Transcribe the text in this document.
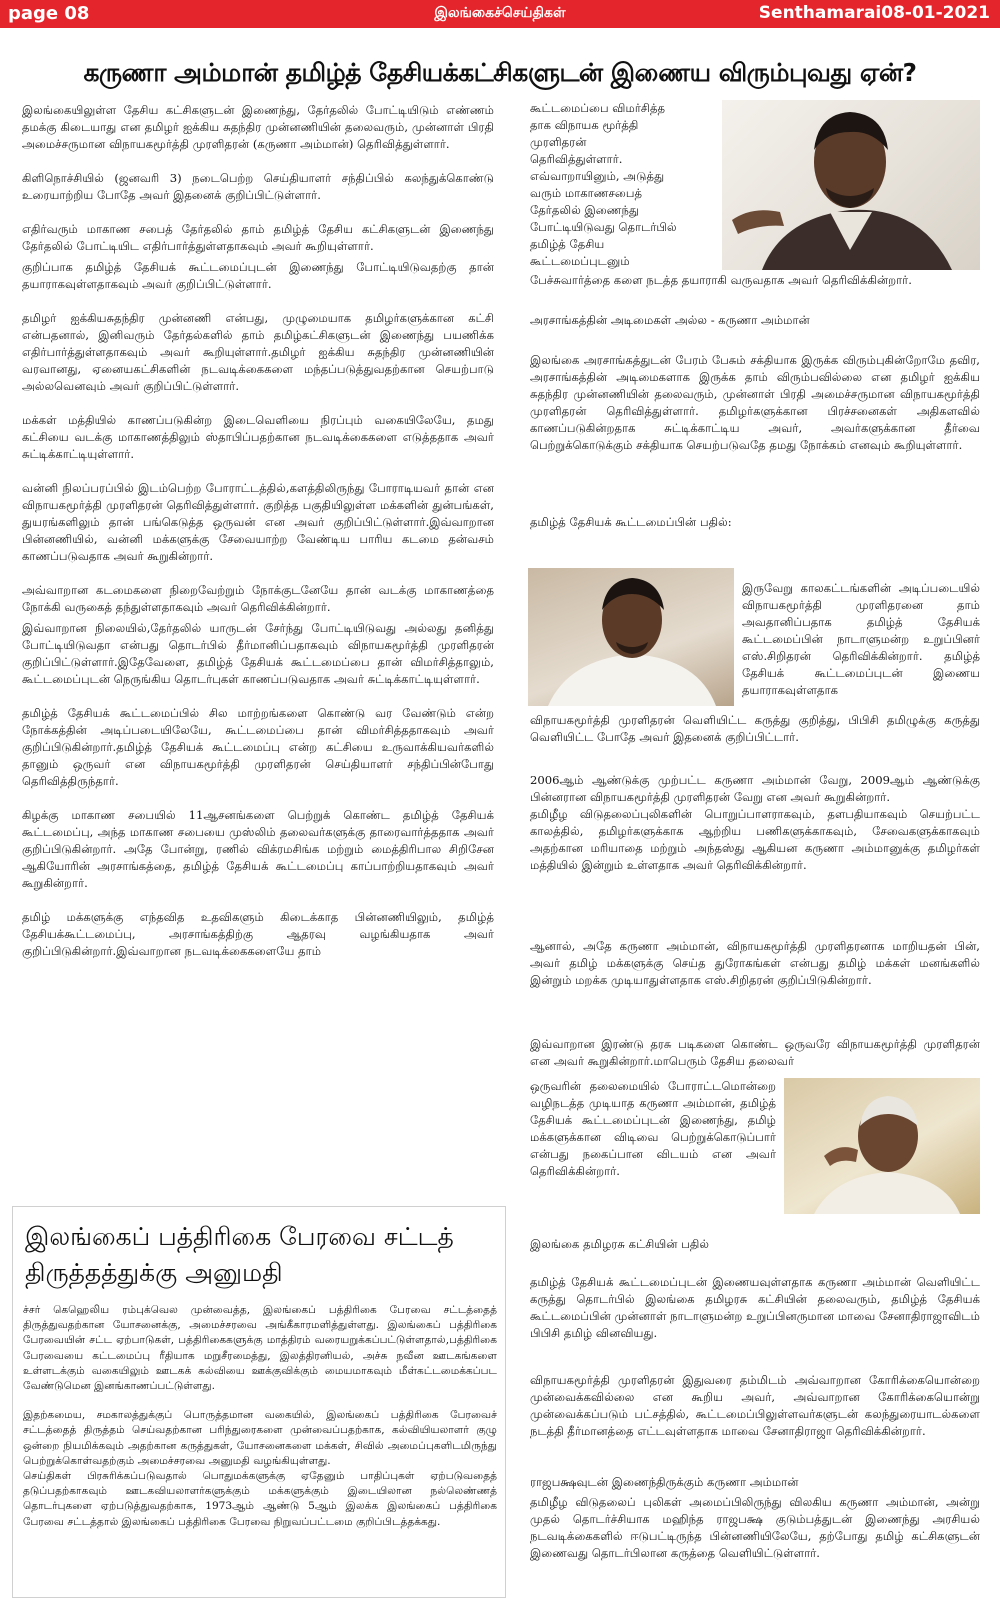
page 08	இலங்கைச்செய்திகள்	Senthamarai08-01-2021
கருணா அம்மான் தமிழ்த் தேசியக்கட்சிகளுடன் இணைய விரும்புவது ஏன்?

இலங்கையிலுள்ள தேசிய கட்சிகளுடன் இணைந்து, தேர்தலில் போட்டியிடும் எண்ணம் தமக்கு கிடையாது என தமிழர் ஐக்கிய சுதந்திர முன்னணியின் தலைவரும், முன்னாள் பிரதி அமைச்சருமான விநாயகமூர்த்தி முரளிதரன் (கருணா அம்மான்) தெரிவித்துள்ளார்.

கிளிநொச்சியில் (ஜனவரி 3) நடைபெற்ற செய்தியாளர் சந்திப்பில் கலந்துக்கொண்டு உரையாற்றிய போதே அவர் இதனைக் குறிப்பிட்டுள்ளார்.

எதிர்வரும் மாகாண சபைத் தேர்தலில் தாம் தமிழ்த் தேசிய கட்சிகளுடன் இணைந்து தேர்தலில் போட்டியிட எதிர்பார்த்துள்ளதாகவும் அவர் கூறியுள்ளார்.

குறிப்பாக தமிழ்த் தேசியக் கூட்டமைப்புடன் இணைந்து போட்டியிடுவதற்கு தான் தயாராகவுள்ளதாகவும் அவர் குறிப்பிட்டுள்ளார்.

தமிழர் ஐக்கியசுதந்திர முன்னணி என்பது, முழுமையாக தமிழர்களுக்கான கட்சி என்பதனால், இனிவரும் தேர்தல்களில் தாம் தமிழ்கட்சிகளுடன் இணைந்து பயணிக்க எதிர்பார்த்துள்ளதாகவும் அவர் கூறியுள்ளார்.தமிழர் ஐக்கிய சுதந்திர முன்னணியின் வரவானது, ஏனையகட்சிகளின் நடவடிக்கைகளை மந்தப்படுத்துவதற்கான செயற்பாடு அல்லவெனவும் அவர் குறிப்பிட்டுள்ளார்.

மக்கள் மத்தியில் காணப்படுகின்ற இடைவெளியை நிரப்பும் வகையிலேயே, தமது கட்சியை வடக்கு மாகாணத்திலும் ஸ்தாபிப்பதற்கான நடவடிக்கைகளை எடுத்ததாக அவர் சுட்டிக்காட்டியுள்ளார்.

வன்னி நிலப்பரப்பில் இடம்பெற்ற போராட்டத்தில்,களத்திலிருந்து போராடியவர் தான் என விநாயகமூர்த்தி முரளிதரன் தெரிவித்துள்ளார். குறித்த பகுதியிலுள்ள மக்களின் துன்பங்கள், துயரங்களிலும் தான் பங்கெடுத்த ஒருவன் என அவர் குறிப்பிட்டுள்ளார்.இவ்வாறான பின்னணியில், வன்னி மக்களுக்கு சேவையாற்ற வேண்டிய பாரிய கடமை தன்வசம் காணப்படுவதாக அவர் கூறுகின்றார்.

அவ்வாறான கடமைகளை நிறைவேற்றும் நோக்குடனேயே தான் வடக்கு மாகாணத்தை நோக்கி வருகைத் தந்துள்ளதாகவும் அவர் தெரிவிக்கின்றார்.

இவ்வாறான நிலையில்,தேர்தலில் யாருடன் சேர்ந்து போட்டியிடுவது அல்லது தனித்து போட்டியிடுவதா என்பது தொடர்பில் தீர்மானிப்பதாகவும் விநாயகமூர்த்தி முரளிதரன் குறிப்பிட்டுள்ளார்.இதேவேளை, தமிழ்த் தேசியக் கூட்டமைப்பை தான் விமர்சித்தாலும், கூட்டமைப்புடன் நெருங்கிய தொடர்புகள் காணப்படுவதாக அவர் சுட்டிக்காட்டியுள்ளார்.

தமிழ்த் தேசியக் கூட்டமைப்பில் சில மாற்றங்களை கொண்டு வர வேண்டும் என்ற நோக்கத்தின் அடிப்படையிலேயே, கூட்டமைப்பை தான் விமர்சித்ததாகவும் அவர் குறிப்பிடுகின்றார்.தமிழ்த் தேசியக் கூட்டமைப்பு என்ற கட்சியை உருவாக்கியவர்களில் தானும் ஒருவர் என விநாயகமூர்த்தி முரளிதரன் செய்தியாளர் சந்திப்பின்போது தெரிவித்திருந்தார்.

கிழக்கு மாகாண சபையில் 11ஆசனங்களை பெற்றுக் கொண்ட தமிழ்த் தேசியக் கூட்டமைப்பு, அந்த மாகாண சபையை முஸ்லிம் தலைவர்களுக்கு தாரைவார்த்ததாக அவர் குறிப்பிடுகின்றார். அதே போன்று, ரணில் விக்ரமசிங்க மற்றும் மைத்திரிபால சிறிசேன ஆகியோரின் அரசாங்கத்தை, தமிழ்த் தேசியக் கூட்டமைப்பு காப்பாற்றியதாகவும் அவர் கூறுகின்றார்.

தமிழ் மக்களுக்கு எந்தவித உதவிகளும் கிடைக்காத பின்னணியிலும், தமிழ்த் தேசியக்கூட்டமைப்பு, அரசாங்கத்திற்கு ஆதரவு வழங்கியதாக அவர் குறிப்பிடுகின்றார்.இவ்வாறான நடவடிக்கைகளையே தாம்

கூட்டமைப்பை விமர்சித்த

தாக விநாயக மூர்த்தி

முரளிதரன்

தெரிவித்துள்ளார்.

எவ்வாறாயினும், அடுத்து

வரும் மாகாணசபைத்

தேர்தலில் இணைந்து

போட்டியிடுவது தொடர்பில்

தமிழ்த் தேசிய

கூட்டமைப்புடனும்

பேச்சுவார்த்தை களை நடத்த தயாராகி வருவதாக அவர் தெரிவிக்கின்றார்.

அரசாங்கத்தின் அடிமைகள் அல்ல - கருணா அம்மான்

இலங்கை அரசாங்கத்துடன் பேரம் பேசும் சக்தியாக இருக்க விரும்புகின்றோமே தவிர, அரசாங்கத்தின் அடிமைகளாக இருக்க தாம் விரும்பவில்லை என தமிழர் ஐக்கிய சுதந்திர முன்னணியின் தலைவரும், முன்னாள் பிரதி அமைச்சருமான விநாயகமூர்த்தி முரளிதரன் தெரிவித்துள்ளார். தமிழர்களுக்கான பிரச்சனைகள் அதிகளவில் காணப்படுகின்றதாக சுட்டிக்காட்டிய அவர், அவர்களுக்கான தீர்வை பெற்றுக்கொடுக்கும் சக்தியாக செயற்படுவதே தமது நோக்கம் எனவும் கூறியுள்ளார்.

தமிழ்த் தேசியக் கூட்டமைப்பின் பதில்:

இருவேறு காலகட்டங்களின் அடிப்படையில் விநாயகமூர்த்தி முரளிதரனை தாம் அவதானிப்பதாக தமிழ்த் தேசியக் கூட்டமைப்பின் நாடாளுமன்ற உறுப்பினர் எஸ்.சிறிதரன் தெரிவிக்கின்றார். தமிழ்த் தேசியக் கூட்டமைப்புடன் இணைய தயாராகவுள்ளதாக

விநாயகமூர்த்தி முரளிதரன் வெளியிட்ட கருத்து குறித்து, பிபிசி தமிழுக்கு கருத்து வெளியிட்ட போதே அவர் இதனைக் குறிப்பிட்டார்.

2006ஆம் ஆண்டுக்கு முற்பட்ட கருணா அம்மான் வேறு, 2009ஆம் ஆண்டுக்கு பின்னரான விநாயகமூர்த்தி முரளிதரன் வேறு என அவர் கூறுகின்றார்.

தமிழீழ விடுதலைப்புலிகளின் பொறுப்பாளராகவும், தளபதியாகவும் செயற்பட்ட காலத்தில், தமிழர்களுக்காக ஆற்றிய பணிகளுக்காகவும், சேவைகளுக்காகவும் அதற்கான மரியாதை மற்றும் அந்தஸ்து ஆகியன கருணா அம்மானுக்கு தமிழர்கள் மத்தியில் இன்றும் உள்ளதாக அவர் தெரிவிக்கின்றார்.

ஆனால், அதே கருணா அம்மான், விநாயகமூர்த்தி முரளிதரனாக மாறியதன் பின், அவர் தமிழ் மக்களுக்கு செய்த துரோகங்கள் என்பது தமிழ் மக்கள் மனங்களில் இன்றும் மறக்க முடியாதுள்ளதாக எஸ்.சிறிதரன் குறிப்பிடுகின்றார்.

இவ்வாறான இரண்டு தரசு படிகளை கொண்ட ஒருவரே விநாயகமூர்த்தி முரளிதரன் என அவர் கூறுகின்றார்.மாபெரும் தேசிய தலைவர்

ஒருவரின் தலைமையில் போராட்டமொன்றை வழிநடத்த முடியாத கருணா அம்மான், தமிழ்த் தேசியக் கூட்டமைப்புடன் இணைந்து, தமிழ் மக்களுக்கான விடிவை பெற்றுக்கொடுப்பார் என்பது நகைப்பான விடயம் என அவர் தெரிவிக்கின்றார்.

இலங்கை தமிழரசு கட்சியின் பதில்

தமிழ்த் தேசியக் கூட்டமைப்புடன் இணையவுள்ளதாக கருணா அம்மான் வெளியிட்ட கருத்து தொடர்பில் இலங்கை தமிழரசு கட்சியின் தலைவரும், தமிழ்த் தேசியக் கூட்டமைப்பின் முன்னாள் நாடாளுமன்ற உறுப்பினருமான மாவை சேனாதிராஜாவிடம் பிபிசி தமிழ் வினவியது.

விநாயகமூர்த்தி முரளிதரன் இதுவரை தம்மிடம் அவ்வாறான கோரிக்கையொன்றை முன்வைக்கவில்லை என கூறிய அவர், அவ்வாறான கோரிக்கையொன்று முன்வைக்கப்படும் பட்சத்தில், கூட்டமைப்பிலுள்ளவர்களுடன் கலந்துரையாடல்களை நடத்தி தீர்மானத்தை எட்டவுள்ளதாக மாவை சேனாதிராஜா தெரிவிக்கின்றார்.

ராஜபக்ஷவுடன் இணைந்திருக்கும் கருணா அம்மான்

தமிழீழ விடுதலைப் புலிகள் அமைப்பிலிருந்து விலகிய கருணா அம்மான், அன்று முதல் தொடர்ச்சியாக மஹிந்த ராஜபக்ஷ குடும்பத்துடன் இணைந்து அரசியல் நடவடிக்கைகளில் ஈடுபட்டிருந்த பின்னணியிலேயே, தற்போது தமிழ் கட்சிகளுடன் இணைவது தொடர்பிலான கருத்தை வெளியிட்டுள்ளார்.

இலங்கைப் பத்திரிகை பேரவை சட்டத் திருத்தத்துக்கு அனுமதி

ச்சர் கெஹெலிய ரம்புக்வெல முன்வைத்த, இலங்கைப் பத்திரிகை பேரவை சட்டத்தைத் திருத்துவதற்கான யோசனைக்கு, அமைச்சரவை அங்கீகாரமளித்துள்ளது. இலங்கைப் பத்திரிகை பேரவையின் சட்ட ஏற்பாடுகள், பத்திரிகைகளுக்கு மாத்திரம் வரையறுக்கப்பட்டுள்ளதால்,பத்திரிகை பேரவையை கட்டமைப்பு ரீதியாக மறுசீரமைத்து, இலத்திரனியல், அச்சு நவீன ஊடகங்களை உள்ளடக்கும் வகையிலும் ஊடகக் கல்வியை ஊக்குவிக்கும் மையமாகவும் மீள்கட்டமைக்கப்பட வேண்டுமென இனங்காணப்பட்டுள்ளது.

இதற்கமைய, சமகாலத்துக்குப் பொருத்தமான வகையில், இலங்கைப் பத்திரிகை பேரவைச் சட்டத்தைத் திருத்தம் செய்வதற்கான பரிந்துரைகளை முன்வைப்பதற்காக, கல்வியியலாளர் குழு ஒன்றை நியமிக்கவும் அதற்கான கருத்துகள், யோசனைகளை மக்கள், சிவில் அமைப்புகளிடமிருந்து பெற்றுக்கொள்வதற்கும் அமைச்சரவை அனுமதி வழங்கியுள்ளது.

செய்திகள் பிரசுரிக்கப்படுவதால் பொதுமக்களுக்கு ஏதேனும் பாதிப்புகள் ஏற்படுவதைத் தடுப்பதற்காகவும் ஊடகவியலாளர்களுக்கும் மக்களுக்கும் இடையிலான நல்லெண்ணத் தொடர்புகளை ஏற்படுத்துவதற்காக, 1973ஆம் ஆண்டு 5ஆம் இலக்க இலங்கைப் பத்திரிகை பேரவை சட்டத்தால் இலங்கைப் பத்திரிகை பேரவை நிறுவப்பட்டமை குறிப்பிடத்தக்கது.
